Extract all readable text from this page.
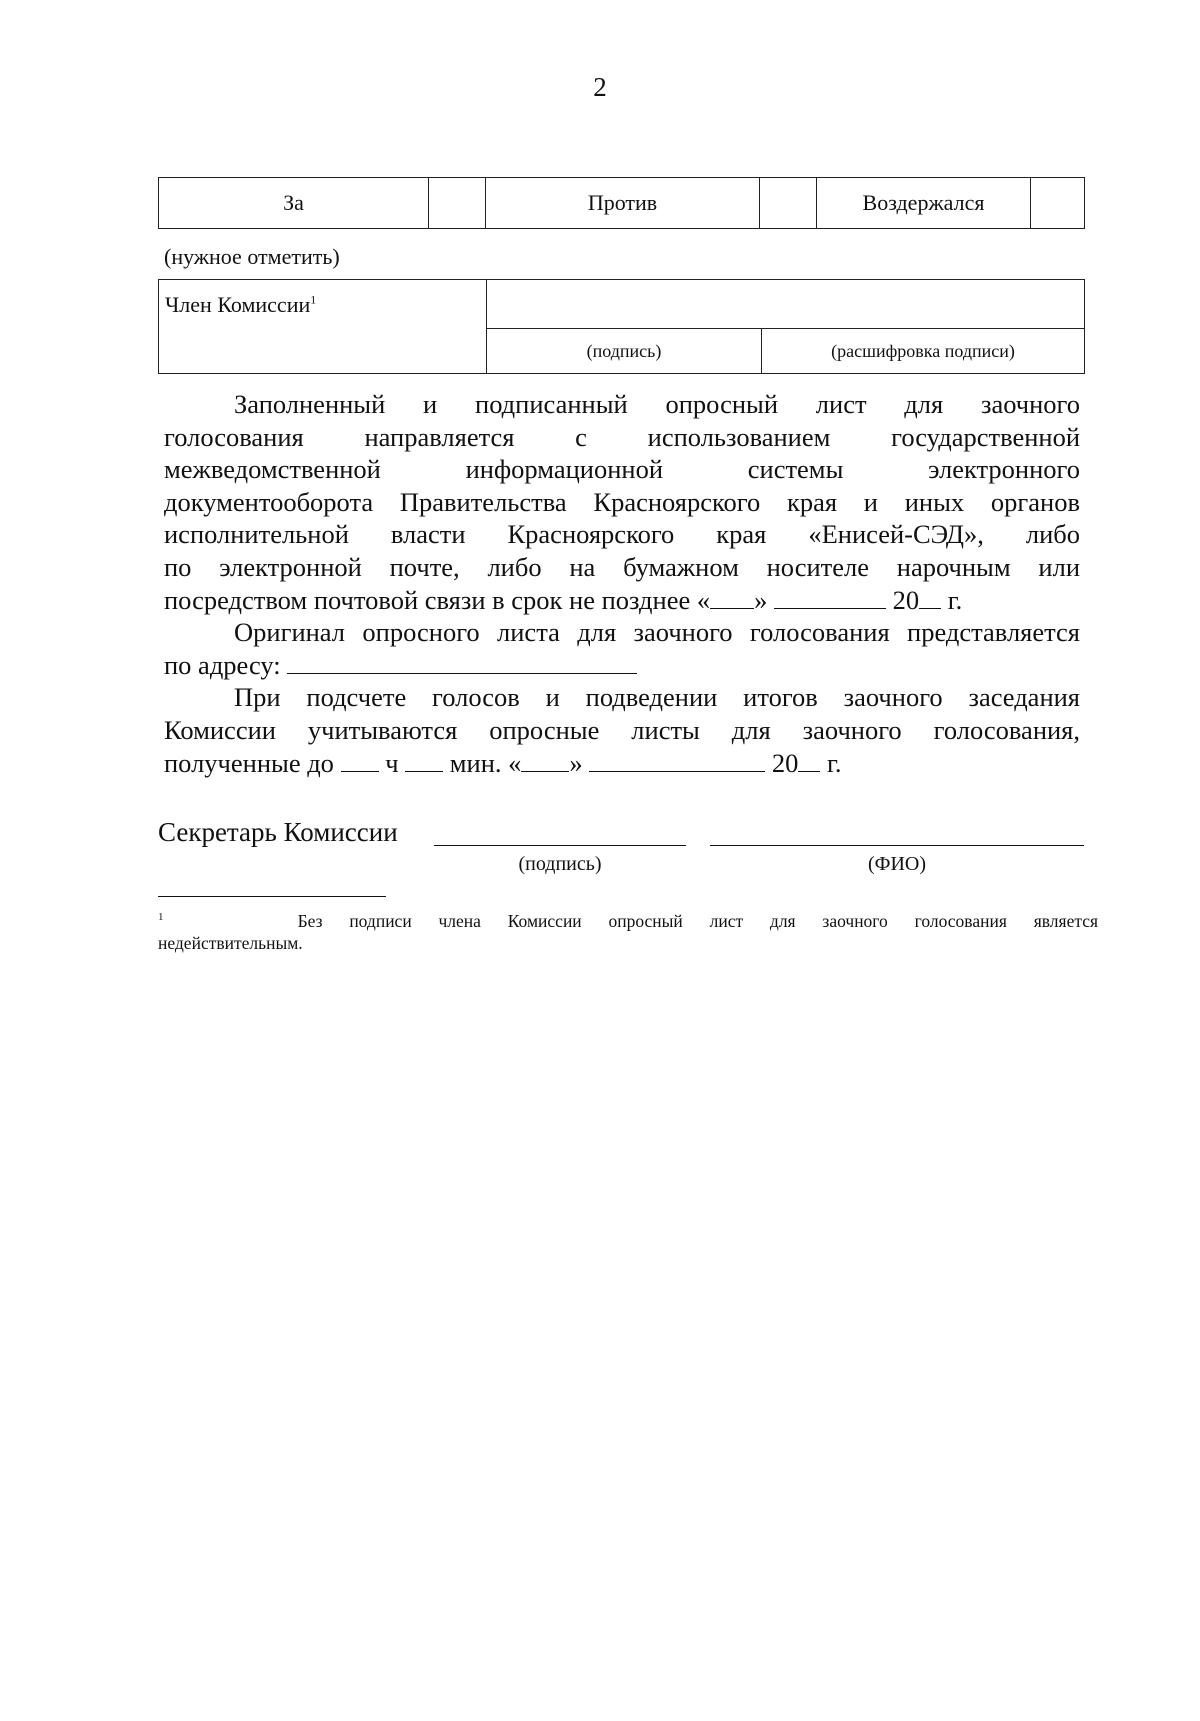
2
За		Против		Воздержался	
(нужное отметить)
Член Комиссии$^1$	
	(подпись)	(расшифровка подписи)

Заполненный и подписанный опросный лист для заочного

голосования направляется с использованием государственной

межведомственной информационной системы электронного

документооборота Правительства Красноярского края и иных органов

исполнительной власти Красноярского края «Енисей-СЭД», либо

по электронной почте, либо на бумажном носителе нарочным или

посредством почтовой связи в срок не позднее « »	20 г.

Оригинал опросного листа для заочного голосования представляется

по адресу:

При подсчете голосов и подведении итогов заочного заседания

Комиссии учитываются опросные листы для заочного голосования,

полученные до ч мин. « »	20 г.

Секретарь Комиссии
(подпись)	(ФИО)

$^1$	Без подписи члена Комиссии опросный лист для заочного голосования является

недействительным.
